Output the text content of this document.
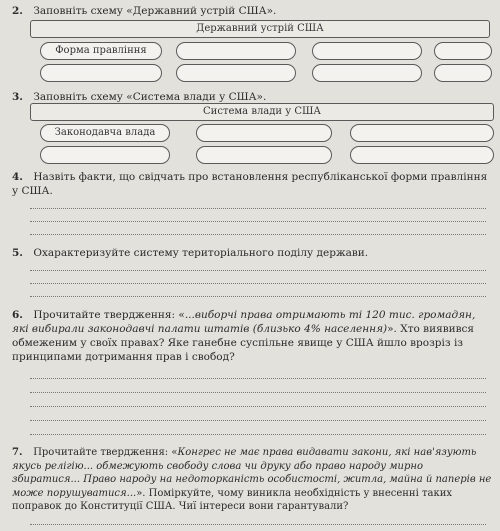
2. Заповніть схему «Державний устрій США».
Державний устрій США
Форма правління
3. Заповніть схему «Система влади у США».
Система влади у США
Законодавча влада
4. Назвіть факти, що свідчать про встановлення республіканської форми правління у США.
5. Охарактеризуйте систему територіального поділу держави.
6. Прочитайте твердження: «...виборчі права отримають ті 120 тис. громадян, які вибирали законодавчі палати штатів (близько 4% населення)». Хто виявився обмеженим у своїх правах? Яке ганебне суспільне явище у США йшло врозріз із принципами дотримання прав і свобод?
7. Прочитайте твердження: «Конгрес не має права видавати закони, які нав'язують якусь релігію... обмежують свободу слова чи друку або право народу мирно збиратися... Право народу на недоторканість особистості, житла, майна й паперів не може порушуватися...». Поміркуйте, чому виникла необхідність у внесенні таких поправок до Конституції США. Чиї інтереси вони гарантували?
